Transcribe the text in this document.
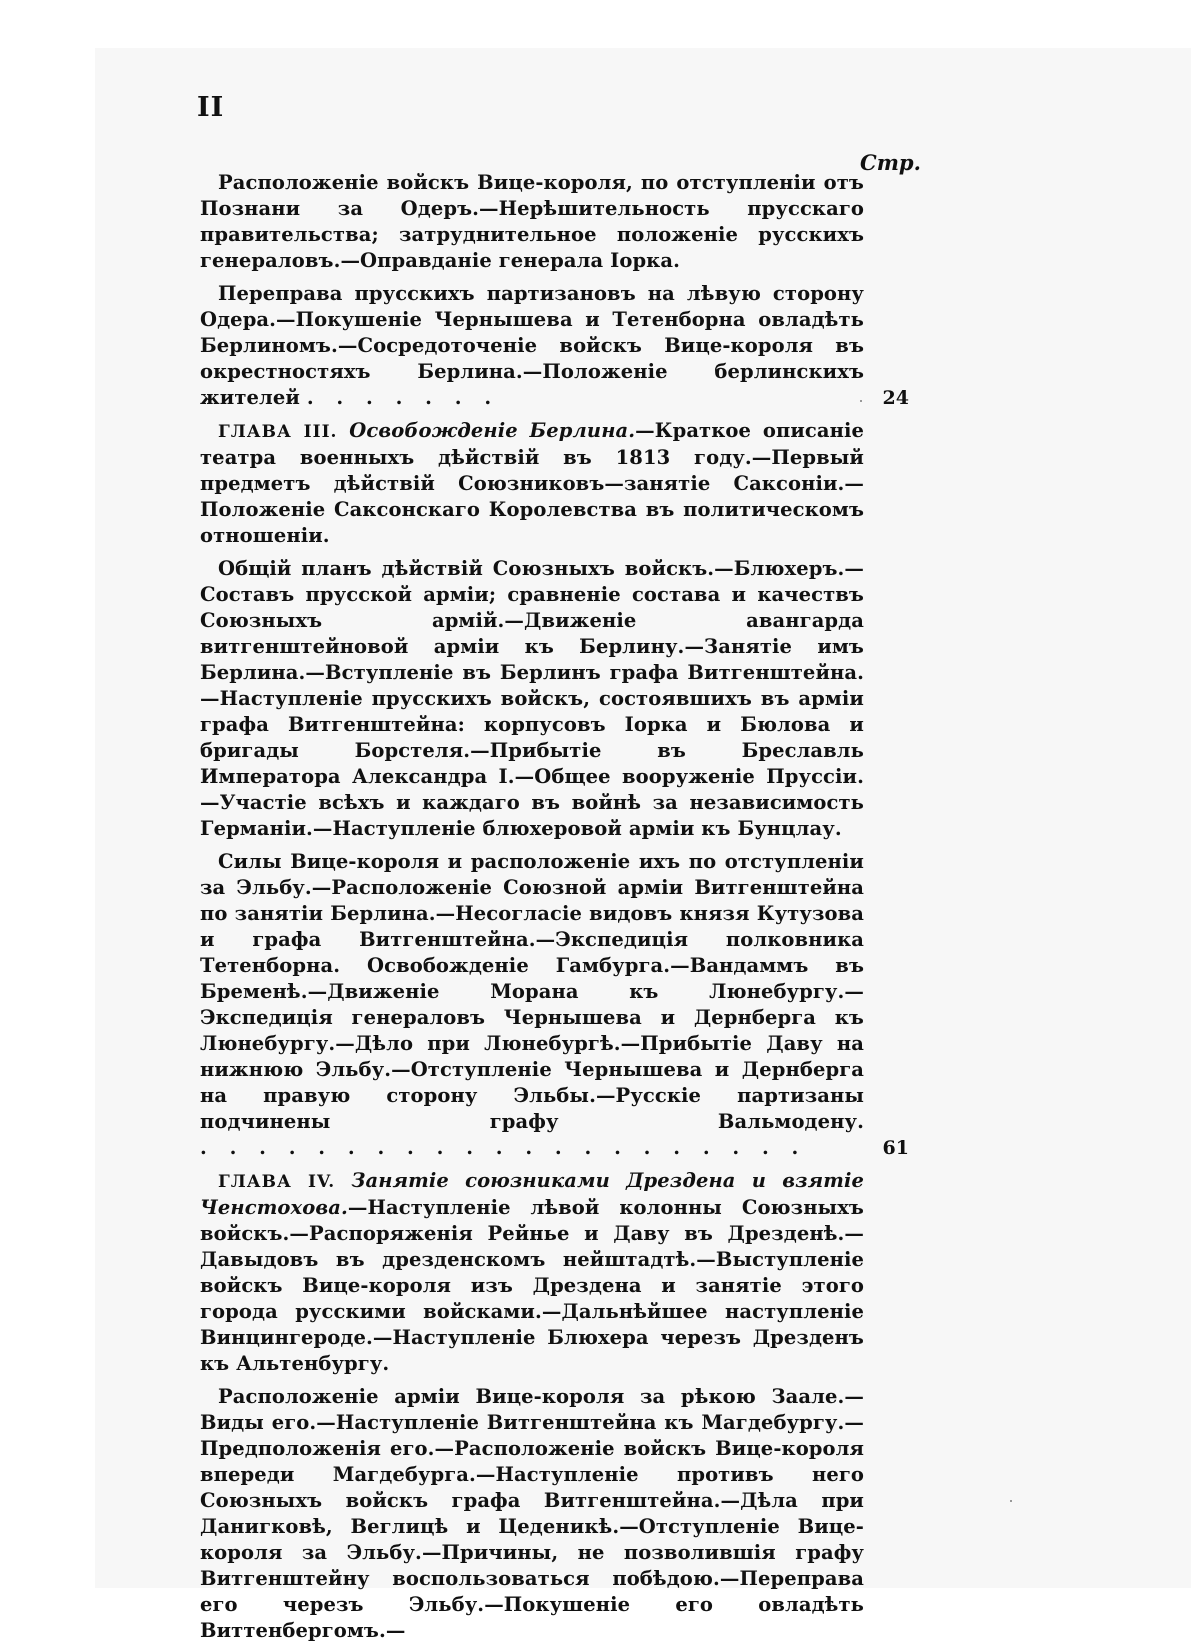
II
Стр.

Расположеніе войскъ Вице-короля, по отступленіи отъ Познани за Одеръ.—Нерѣшительность прусскаго правительства; затруднительное положеніе русскихъ генераловъ.—Оправданіе генерала Іорка.

Переправа прусскихъ партизановъ на лѣвую сторону Одера.—Покушеніе Чернышева и Тетенборна овладѣть Берлиномъ.—Сосредоточеніе войскъ Вице-короля въ окрестностяхъ Берлина.—Положеніе берлинскихъ жителей . . . . . . .	24

ГЛАВА III. Освобожденіе Берлина.—Краткое описаніе театра военныхъ дѣйствій въ 1813 году.—Первый предметъ дѣйствій Союзниковъ—занятіе Саксоніи.—Положеніе Саксонскаго Королевства въ политическомъ отношеніи.

Общій планъ дѣйствій Союзныхъ войскъ.—Блюхеръ.—Составъ прусской арміи; сравненіе состава и качествъ Союзныхъ армій.—Движеніе авангарда витгенштейновой арміи къ Берлину.—Занятіе имъ Берлина.—Вступленіе въ Берлинъ графа Витгенштейна.—Наступленіе прусскихъ войскъ, состоявшихъ въ арміи графа Витгенштейна: корпусовъ Іорка и Бюлова и бригады Борстеля.—Прибытіе въ Бреславль Императора Александра I.—Общее вооруженіе Пруссіи.—Участіе всѣхъ и каждаго въ войнѣ за независимость Германіи.—Наступленіе блюхеровой арміи къ Бунцлау.

Силы Вице-короля и расположеніе ихъ по отступленіи за Эльбу.—Расположеніе Союзной арміи Витгенштейна по занятіи Берлина.—Несогласіе видовъ князя Кутузова и графа Витгенштейна.—Экспедиція полковника Тетенборна. Освобожденіе Гамбурга.—Вандаммъ въ Бременѣ.—Движеніе Морана къ Люнебургу.—Экспедиція генераловъ Чернышева и Дернберга къ Люнебургу.—Дѣло при Люнебургѣ.—Прибытіе Даву на нижнюю Эльбу.—Отступленіе Чернышева и Дернберга на правую сторону Эльбы.—Русскіе партизаны подчинены графу Вальмодену. . . . . . . . . . . . . . . . . . . . . .	61

ГЛАВА IV. Занятіе союзниками Дрездена и взятіе Ченстохова.—Наступленіе лѣвой колонны Союзныхъ войскъ.—Распоряженія Рейнье и Даву въ Дрезденѣ.—Давыдовъ въ дрезденскомъ нейштадтѣ.—Выступленіе войскъ Вице-короля изъ Дрездена и занятіе этого города русскими войсками.—Дальнѣйшее наступленіе Винцингероде.—Наступленіе Блюхера черезъ Дрезденъ къ Альтенбургу.

Расположеніе арміи Вице-короля за рѣкою Заале.—Виды его.—Наступленіе Витгенштейна къ Магдебургу.—Предположенія его.—Расположеніе войскъ Вице-короля впереди Магдебурга.—Наступленіе противъ него Союзныхъ войскъ графа Витгенштейна.—Дѣла при Данигковѣ, Веглицѣ и Цеденикѣ.—Отступленіе Вице-короля за Эльбу.—Причины, не позволившія графу Витгенштейну воспользоваться побѣдою.—Переправа его черезъ Эльбу.—Покушеніе его овладѣть Виттенбергомъ.—
